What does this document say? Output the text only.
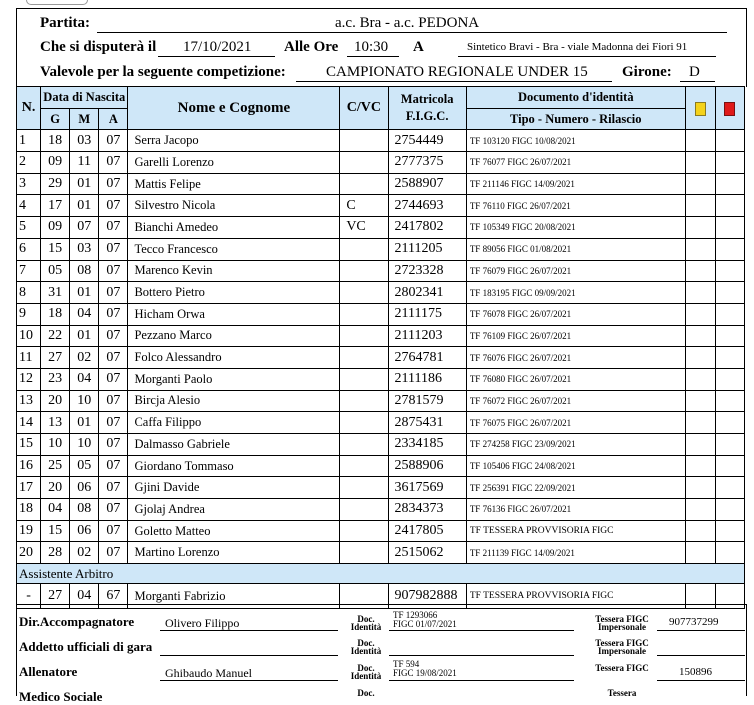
Partita:	a.c. Bra - a.c. PEDONA
Che si disputerà il 17/10/2021 Alle Ore 10:30 A	Sintetico Bravi - Bra - viale Madonna dei Fiori 91
Valevole per la seguente competizione:	CAMPIONATO REGIONALE UNDER 15 Girone: D
N.	Data di Nascita			Nome e Cognome	C/VC	Matricola
F.I.G.C.	Documento d'identità		
	G	M	A				Tipo - Numero - Rilascio		
1	18	03	07	Serra Jacopo		2754449	TF 103120 FIGC 10/08/2021		
2	09	11	07	Garelli Lorenzo		2777375	TF 76077 FIGC 26/07/2021		
3	29	01	07	Mattis Felipe		2588907	TF 211146 FIGC 14/09/2021		
4	17	01	07	Silvestro Nicola	C	2744693	TF 76110 FIGC 26/07/2021		
5	09	07	07	Bianchi Amedeo	VC	2417802	TF 105349 FIGC 20/08/2021		
6	15	03	07	Tecco Francesco		2111205	TF 89056 FIGC 01/08/2021		
7	05	08	07	Marenco Kevin		2723328	TF 76079 FIGC 26/07/2021		
8	31	01	07	Bottero Pietro		2802341	TF 183195 FIGC 09/09/2021		
9	18	04	07	Hicham Orwa		2111175	TF 76078 FIGC 26/07/2021		
10	22	01	07	Pezzano Marco		2111203	TF 76109 FIGC 26/07/2021		
11	27	02	07	Folco Alessandro		2764781	TF 76076 FIGC 26/07/2021		
12	23	04	07	Morganti Paolo		2111186	TF 76080 FIGC 26/07/2021		
13	20	10	07	Bircja Alesio		2781579	TF 76072 FIGC 26/07/2021		
14	13	01	07	Caffa Filippo		2875431	TF 76075 FIGC 26/07/2021		
15	10	10	07	Dalmasso Gabriele		2334185	TF 274258 FIGC 23/09/2021		
16	25	05	07	Giordano Tommaso		2588906	TF 105406 FIGC 24/08/2021		
17	20	06	07	Gjini Davide		3617569	TF 256391 FIGC 22/09/2021		
18	04	08	07	Gjolaj Andrea		2834373	TF 76136 FIGC 26/07/2021		
19	15	06	07	Goletto Matteo		2417805	TF TESSERA PROVVISORIA FIGC		
20	28	02	07	Martino Lorenzo		2515062	TF 211139 FIGC 14/09/2021		
Assistente Arbitro									
-	27	04	67	Morganti Fabrizio		907982888	TF TESSERA PROVVISORIA FIGC		
Dir.Accompagnatore	Olivero Filippo	Doc. Identità
TF 1293066
FIGC 01/07/2021	Tessera FIGC Impersonale	907737299
Addetto ufficiali di gara	Doc. Identità
Tessera FIGC Impersonale
Allenatore	Ghibaudo Manuel	Doc. Identità
TF 594
FIGC 19/08/2021	Tessera FIGC	150896
Medico Sociale	Doc.	Tessera
